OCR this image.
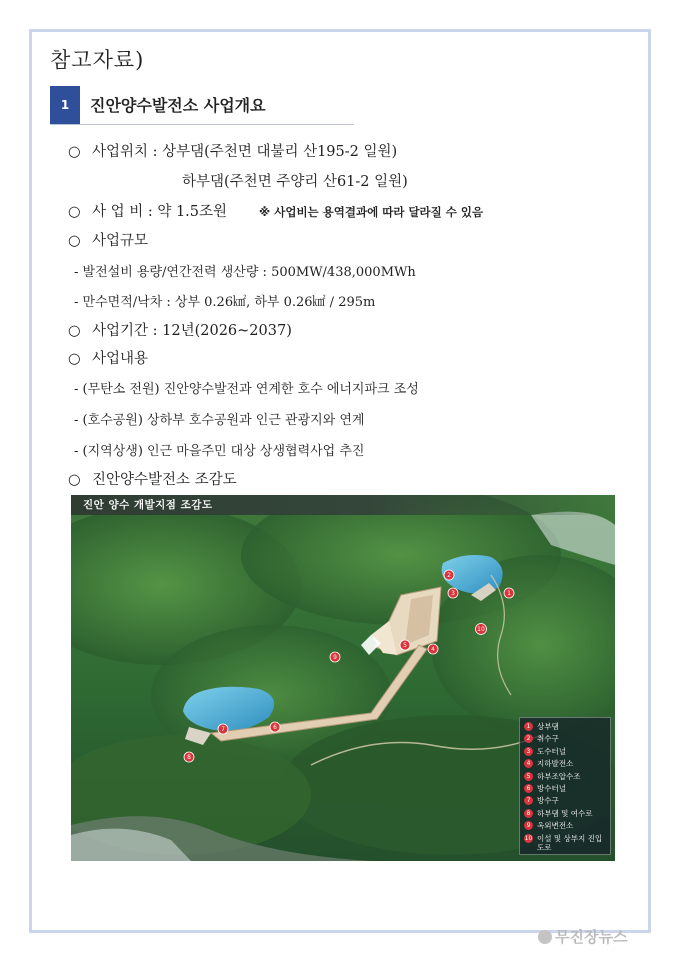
참고자료)
1	진안양수발전소 사업개요
○ 사업위치 : 상부댐(주천면 대불리 산195-2 일원)
하부댐(주천면 주양리 산61-2 일원)
○ 사 업 비 : 약 1.5조원	※ 사업비는 용역결과에 따라 달라질 수 있음
○ 사업규모
- 발전설비 용량/연간전력 생산량 : 500MW/438,000MWh
- 만수면적/낙차 : 상부 0.26㎢, 하부 0.26㎢ / 295m
○ 사업기간 : 12년(2026~2037)
○ 사업내용
- (무탄소 전원) 진안양수발전과 연계한 호수 에너지파크 조성
- (호수공원) 상하부 호수공원과 인근 관광지와 연계
- (지역상생) 인근 마을주민 대상 상생협력사업 추진
○ 진안양수발전소 조감도
1
2
3
4
5
6
7
8
9
10
진안 양수 개발지점 조감도
1 상부댐
2 취수구
3 도수터널
4 지하발전소
5 하부조압수조
6 방수터널
7 방수구
8 하부댐 및 여수로
9 옥외변전소
10 이설 및 상부지 진입도로
무진장뉴스
